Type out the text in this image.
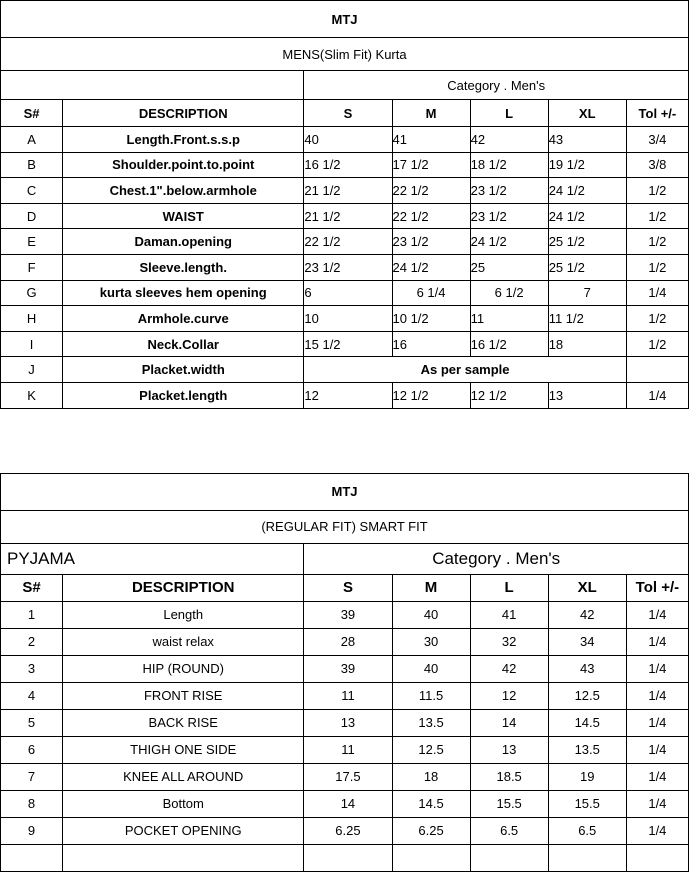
MTJ						
MENS(Slim Fit) Kurta						
		Category . Men's				
S#	DESCRIPTION	S	M	L	XL	Tol +/-
A	Length.Front.s.s.p	40	41	42	43	3/4
B	Shoulder.point.to.point	16 1/2	17 1/2	18 1/2	19 1/2	3/8
C	Chest.1".below.armhole	21 1/2	22 1/2	23 1/2	24 1/2	1/2
D	WAIST	21 1/2	22 1/2	23 1/2	24 1/2	1/2
E	Daman.opening	22 1/2	23 1/2	24 1/2	25 1/2	1/2
F	Sleeve.length.	23 1/2	24 1/2	25	25 1/2	1/2
G	kurta sleeves hem opening	6	6 1/4	6 1/2	7	1/4
H	Armhole.curve	10	10 1/2	11	11 1/2	1/2
I	Neck.Collar	15 1/2	16	16 1/2	18	1/2
J	Placket.width	As per sample				
K	Placket.length	12	12 1/2	12 1/2	13	1/4
MTJ						
(REGULAR FIT) SMART FIT						
PYJAMA		Category . Men's				
S#	DESCRIPTION	S	M	L	XL	Tol +/-
1	Length	39	40	41	42	1/4
2	waist relax	28	30	32	34	1/4
3	HIP (ROUND)	39	40	42	43	1/4
4	FRONT RISE	11	11.5	12	12.5	1/4
5	BACK RISE	13	13.5	14	14.5	1/4
6	THIGH ONE SIDE	11	12.5	13	13.5	1/4
7	KNEE ALL AROUND	17.5	18	18.5	19	1/4
8	Bottom	14	14.5	15.5	15.5	1/4
9	POCKET OPENING	6.25	6.25	6.5	6.5	1/4
